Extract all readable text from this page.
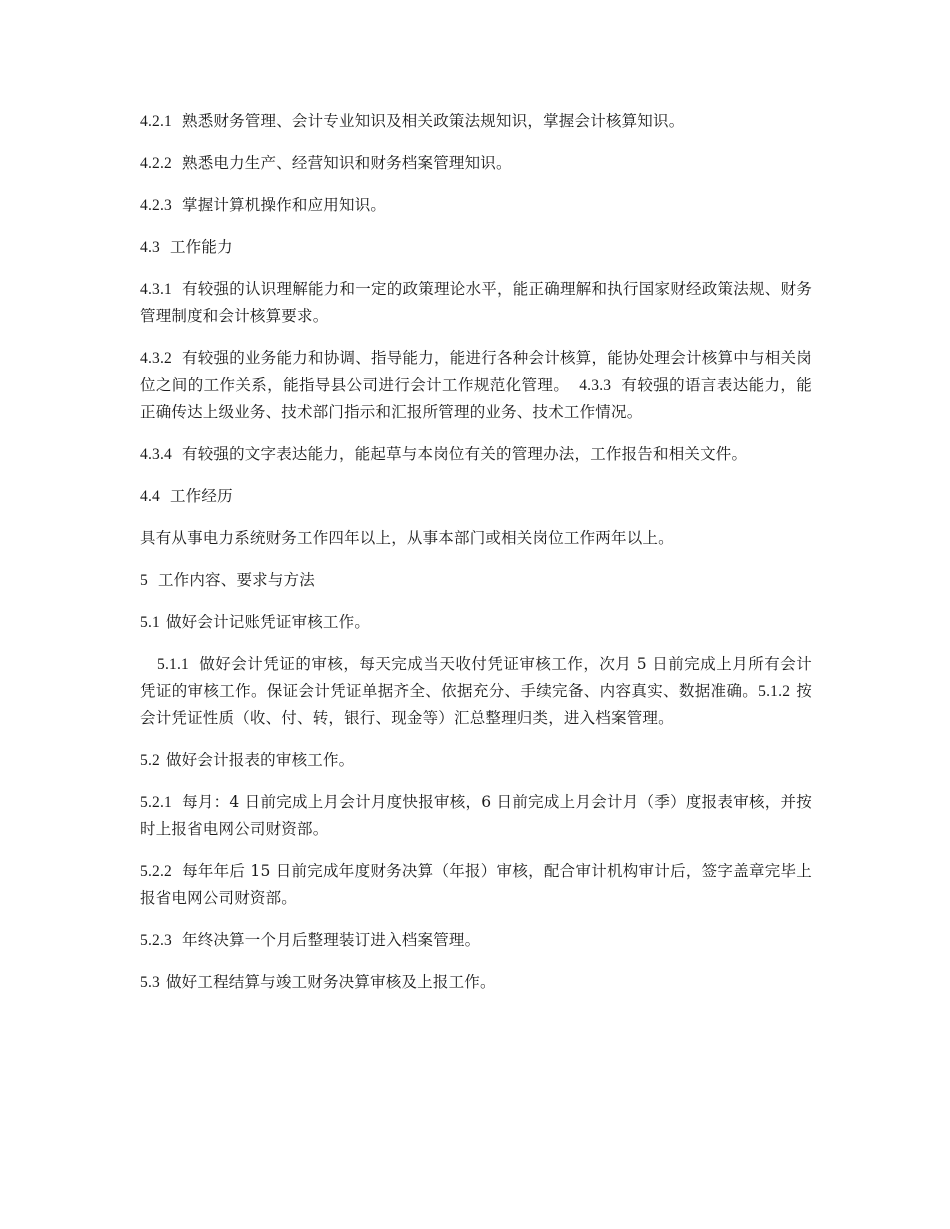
4.2.1 熟悉财务管理、会计专业知识及相关政策法规知识，掌握会计核算知识。

4.2.2 熟悉电力生产、经营知识和财务档案管理知识。

4.2.3 掌握计算机操作和应用知识。

4.3 工作能力

4.3.1 有较强的认识理解能力和一定的政策理论水平，能正确理解和执行国家财经政策法规、财务管理制度和会计核算要求。

4.3.2 有较强的业务能力和协调、指导能力，能进行各种会计核算，能协处理会计核算中与相关岗位之间的工作关系，能指导县公司进行会计工作规范化管理。 4.3.3 有较强的语言表达能力，能正确传达上级业务、技术部门指示和汇报所管理的业务、技术工作情况。

4.3.4 有较强的文字表达能力，能起草与本岗位有关的管理办法，工作报告和相关文件。

4.4 工作经历

具有从事电力系统财务工作四年以上，从事本部门或相关岗位工作两年以上。

5 工作内容、要求与方法

5.1 做好会计记账凭证审核工作。

5.1.1 做好会计凭证的审核，每天完成当天收付凭证审核工作，次月 5 日前完成上月所有会计凭证的审核工作。保证会计凭证单据齐全、依据充分、手续完备、内容真实、数据准确。5.1.2 按会计凭证性质（收、付、转，银行、现金等）汇总整理归类，进入档案管理。

5.2 做好会计报表的审核工作。

5.2.1 每月：4 日前完成上月会计月度快报审核，6 日前完成上月会计月（季）度报表审核，并按时上报省电网公司财资部。

5.2.2 每年年后 15 日前完成年度财务决算（年报）审核，配合审计机构审计后，签字盖章完毕上报省电网公司财资部。

5.2.3 年终决算一个月后整理装订进入档案管理。

5.3 做好工程结算与竣工财务决算审核及上报工作。
